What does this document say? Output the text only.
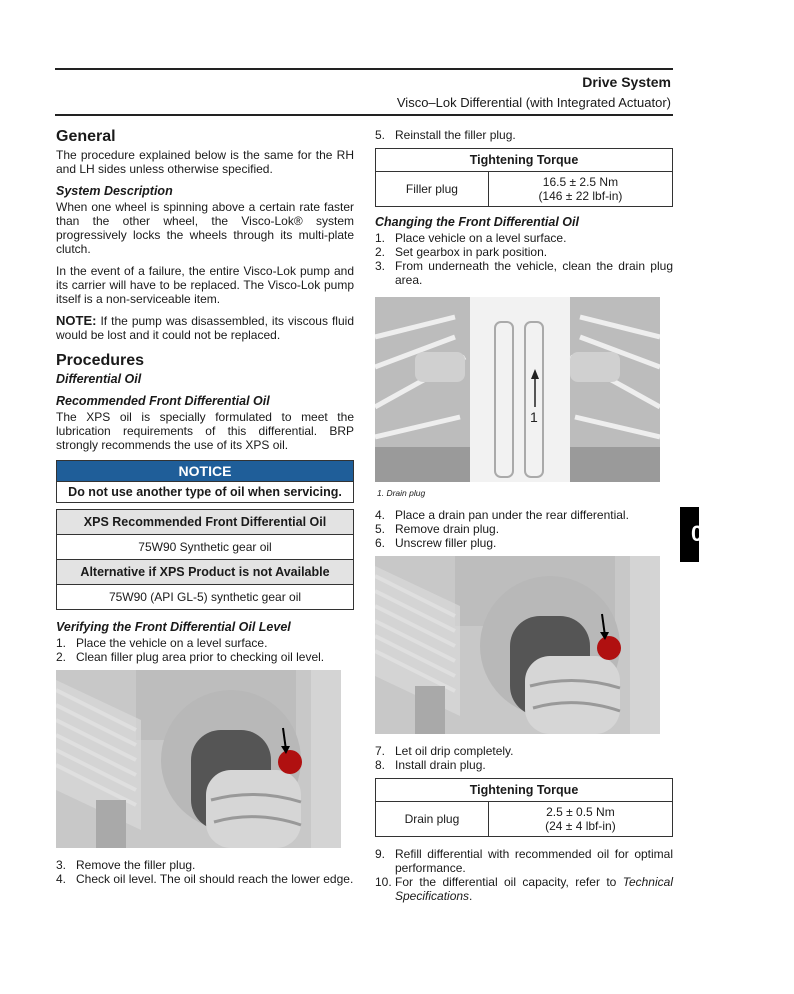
Drive System
Visco–Lok Differential (with Integrated Actuator)
General

The procedure explained below is the same for the RH and LH sides unless otherwise specified.

System Description

When one wheel is spinning above a certain rate faster than the other wheel, the Visco-Lok® system progressively locks the wheels through its multi-plate clutch.

In the event of a failure, the entire Visco-Lok pump and its carrier will have to be replaced. The Visco-Lok pump itself is a non-serviceable item.

NOTE: If the pump was disassembled, its viscous fluid would be lost and it could not be replaced.

Procedures
Differential Oil
Recommended Front Differential Oil

The XPS oil is specially formulated to meet the lubrication requirements of this differential. BRP strongly recommends the use of its XPS oil.

NOTICE
Do not use another type of oil when servicing.
XPS Recommended Front Differential Oil
75W90 Synthetic gear oil
Alternative if XPS Product is not Available
75W90 (API GL-5) synthetic gear oil
Verifying the Front Differential Oil Level
1. Place the vehicle on a level surface.
2. Clean filler plug area prior to checking oil level.
3. Remove the filler plug.
4. Check oil level. The oil should reach the lower edge.
5. Reinstall the filler plug.
Tightening Torque
Filler plug	16.5 ± 2.5 Nm
(146 ± 22 lbf-in)
Changing the Front Differential Oil
1. Place vehicle on a level surface.
2. Set gearbox in park position.
3. From underneath the vehicle, clean the drain plug area.
1
1. Drain plug
4. Place a drain pan under the rear differential.
5. Remove drain plug.
6. Unscrew filler plug.
7. Let oil drip completely.
8. Install drain plug.
Tightening Torque
Drain plug	2.5 ± 0.5 Nm
(24 ± 4 lbf-in)
9. Refill differential with recommended oil for optimal performance.
10. For the differential oil capacity, refer to Technical Specifications.
0
